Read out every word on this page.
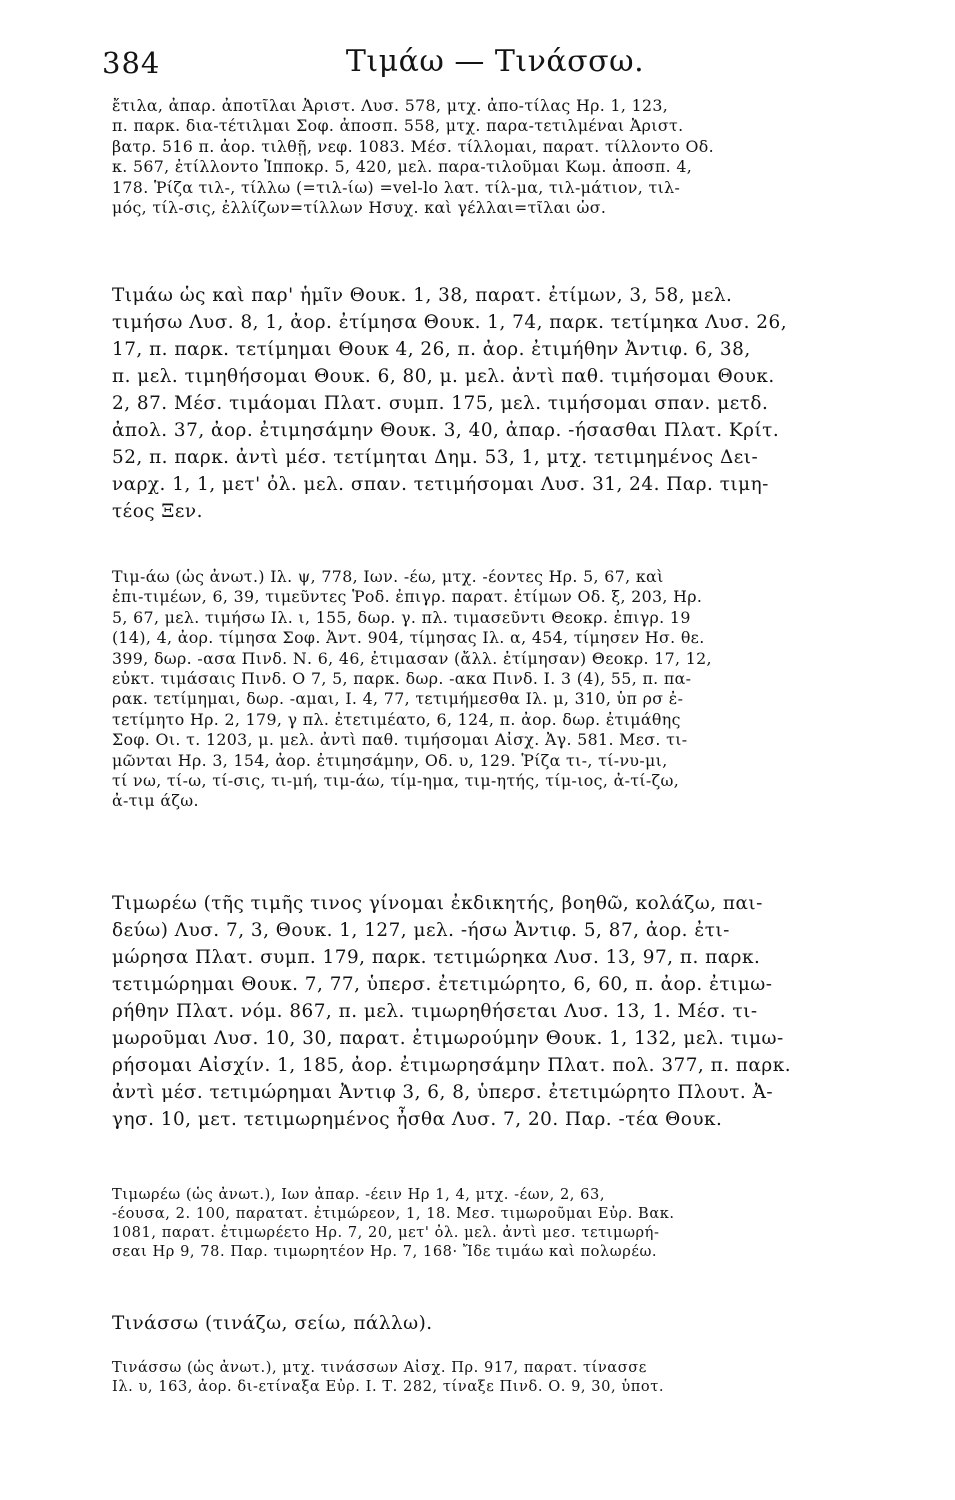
384	Τιμάω — Τινάσσω.
ἔτιλα, ἀπαρ. ἀποτῖλαι Ἀριστ. Λυσ. 578, μτχ. ἀπο-τίλας Ηρ. 1, 123,
π. παρκ. δια-τέτιλμαι Σοφ. ἀποσπ. 558, μτχ. παρα-τετιλμέναι Ἀριστ.
βατρ. 516 π. ἀορ. τιλθῇ, νεφ. 1083. Μέσ. τίλλομαι, παρατ. τίλλοντο Οδ.
κ. 567, ἐτίλλοντο Ἱπποκρ. 5, 420, μελ. παρα-τιλοῦμαι Κωμ. ἀποσπ. 4,
178. Ῥίζα τιλ-, τίλλω (=τιλ-ίω) =vel-lo λατ. τίλ-μα, τιλ-μάτιον, τιλ-
μός, τίλ-σις, ἐλλίζων=τίλλων Ησυχ. καὶ γέλλαι=τῖλαι ὡσ.
Τιμάω ὡς καὶ παρ' ἡμῖν Θουκ. 1, 38, παρατ. ἐτίμων, 3, 58, μελ.
τιμήσω Λυσ. 8, 1, ἀορ. ἐτίμησα Θουκ. 1, 74, παρκ. τετίμηκα Λυσ. 26,
17, π. παρκ. τετίμημαι Θουκ 4, 26, π. ἀορ. ἐτιμήθην Ἀντιφ. 6, 38,
π. μελ. τιμηθήσομαι Θουκ. 6, 80, μ. μελ. ἀντὶ παθ. τιμήσομαι Θουκ.
2, 87. Μέσ. τιμάομαι Πλατ. συμπ. 175, μελ. τιμήσομαι σπαν. μετδ.
ἀπολ. 37, ἀορ. ἐτιμησάμην Θουκ. 3, 40, ἀπαρ. -ήσασθαι Πλατ. Κρίτ.
52, π. παρκ. ἀντὶ μέσ. τετίμηται Δημ. 53, 1, μτχ. τετιμημένος Δει-
ναρχ. 1, 1, μετ' ὀλ. μελ. σπαν. τετιμήσομαι Λυσ. 31, 24. Παρ. τιμη-
τέος Ξεν.
Τιμ-άω (ὡς ἀνωτ.) Ιλ. ψ, 778, Ιων. -έω, μτχ. -έοντες Ηρ. 5, 67, καὶ
ἐπι-τιμέων, 6, 39, τιμεῦντες Ῥοδ. ἐπιγρ. παρατ. ἐτίμων Οδ. ξ, 203, Ηρ.
5, 67, μελ. τιμήσω Ιλ. ι, 155, δωρ. γ. πλ. τιμασεῦντι Θεοκρ. ἐπιγρ. 19
(14), 4, ἀορ. τίμησα Σοφ. Ἀντ. 904, τίμησας Ιλ. α, 454, τίμησεν Ησ. θε.
399, δωρ. -ασα Πινδ. Ν. 6, 46, ἐτιμασαν (ἄλλ. ἐτίμησαν) Θεοκρ. 17, 12,
εὐκτ. τιμάσαις Πινδ. Ο 7, 5, παρκ. δωρ. -ακα Πινδ. Ι. 3 (4), 55, π. πα-
ρακ. τετίμημαι, δωρ. -αμαι, Ι. 4, 77, τετιμήμεσθα Ιλ. μ, 310, ὑπ ρσ ἐ-
τετίμητο Ηρ. 2, 179, γ πλ. ἐτετιμέατο, 6, 124, π. ἀορ. δωρ. ἐτιμάθης
Σοφ. Οι. τ. 1203, μ. μελ. ἀντὶ παθ. τιμήσομαι Αἰσχ. Ἀγ. 581. Μεσ. τι-
μῶνται Ηρ. 3, 154, ἀορ. ἐτιμησάμην, Οδ. υ, 129. Ῥίζα τι-, τί-νυ-μι,
τί νω, τί-ω, τί-σις, τι-μή, τιμ-άω, τίμ-ημα, τιμ-ητής, τίμ-ιος, ἀ-τί-ζω,
ἀ-τιμ άζω.
Τιμωρέω (τῆς τιμῆς τινος γίνομαι ἐκδικητής, βοηθῶ, κολάζω, παι-
δεύω) Λυσ. 7, 3, Θουκ. 1, 127, μελ. -ήσω Ἀντιφ. 5, 87, ἀορ. ἐτι-
μώρησα Πλατ. συμπ. 179, παρκ. τετιμώρηκα Λυσ. 13, 97, π. παρκ.
τετιμώρημαι Θουκ. 7, 77, ὑπερσ. ἐτετιμώρητο, 6, 60, π. ἀορ. ἐτιμω-
ρήθην Πλατ. νόμ. 867, π. μελ. τιμωρηθήσεται Λυσ. 13, 1. Μέσ. τι-
μωροῦμαι Λυσ. 10, 30, παρατ. ἐτιμωρούμην Θουκ. 1, 132, μελ. τιμω-
ρήσομαι Αἰσχίν. 1, 185, ἀορ. ἐτιμωρησάμην Πλατ. πολ. 377, π. παρκ.
ἀντὶ μέσ. τετιμώρημαι Ἀντιφ 3, 6, 8, ὑπερσ. ἐτετιμώρητο Πλουτ. Ἀ-
γησ. 10, μετ. τετιμωρημένος ἦσθα Λυσ. 7, 20. Παρ. -τέα Θουκ.
Τιμωρέω (ὡς ἀνωτ.), Ιων ἀπαρ. -έειν Ηρ 1, 4, μτχ. -έων, 2, 63,
-έουσα, 2. 100, παρατατ. ἐτιμώρεον, 1, 18. Μεσ. τιμωροῦμαι Εὐρ. Βακ.
1081, παρατ. ἐτιμωρέετο Ηρ. 7, 20, μετ' ὀλ. μελ. ἀντὶ μεσ. τετιμωρή-
σεαι Ηρ 9, 78. Παρ. τιμωρητέον Ηρ. 7, 168· Ἴδε τιμάω καὶ πολωρέω.
Τινάσσω (τινάζω, σείω, πάλλω).
Τινάσσω (ὡς ἀνωτ.), μτχ. τινάσσων Αἰσχ. Πρ. 917, παρατ. τίνασσε
Ιλ. υ, 163, ἀορ. δι-ετίναξα Εὐρ. Ι. Τ. 282, τίναξε Πινδ. Ο. 9, 30, ὑποτ.
